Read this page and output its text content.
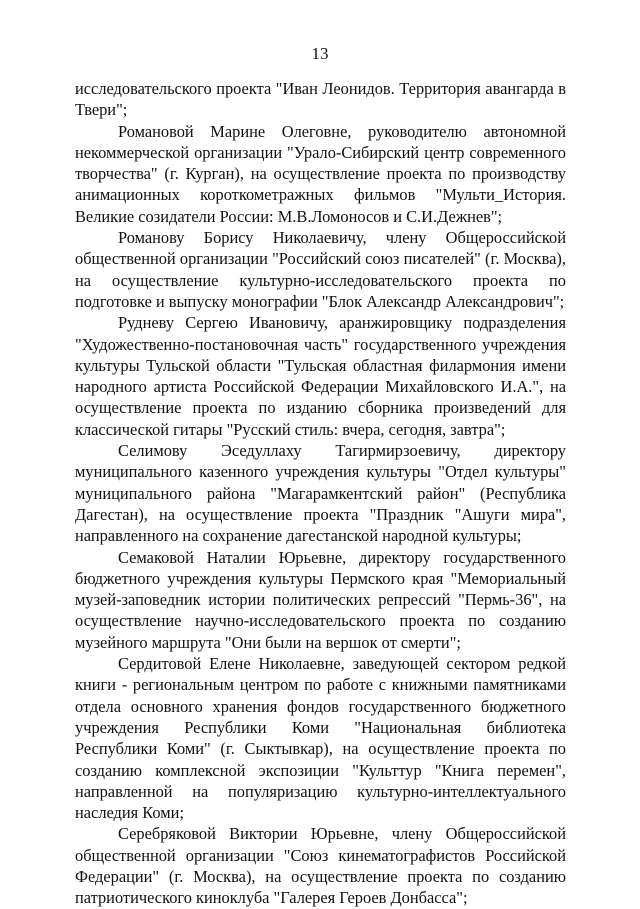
13

исследовательского проекта "Иван Леонидов. Территория авангарда в Твери";

Романовой Марине Олеговне, руководителю автономной некоммерческой организации "Урало-Сибирский центр современного творчества" (г. Курган), на осуществление проекта по производству анимационных короткометражных фильмов "Мульти_История. Великие созидатели России: М.В.Ломоносов и С.И.Дежнев";

Романову Борису Николаевичу, члену Общероссийской общественной организации "Российский союз писателей" (г. Москва), на осуществление культурно-исследовательского проекта по подготовке и выпуску монографии "Блок Александр Александрович";

Рудневу Сергею Ивановичу, аранжировщику подразделения "Художественно-постановочная часть" государственного учреждения культуры Тульской области "Тульская областная филармония имени народного артиста Российской Федерации Михайловского И.А.", на осуществление проекта по изданию сборника произведений для классической гитары "Русский стиль: вчера, сегодня, завтра";

Селимову Эседуллаху Тагирмирзоевичу, директору муниципального казенного учреждения культуры "Отдел культуры" муниципального района "Магарамкентский район" (Республика Дагестан), на осуществление проекта "Праздник "Ашуги мира", направленного на сохранение дагестанской народной культуры;

Семаковой Наталии Юрьевне, директору государственного бюджетного учреждения культуры Пермского края "Мемориальный музей-заповедник истории политических репрессий "Пермь-36", на осуществление научно-исследовательского проекта по созданию музейного маршрута "Они были на вершок от смерти";

Сердитовой Елене Николаевне, заведующей сектором редкой книги - региональным центром по работе с книжными памятниками отдела основного хранения фондов государственного бюджетного учреждения Республики Коми "Национальная библиотека Республики Коми" (г. Сыктывкар), на осуществление проекта по созданию комплексной экспозиции "Культтур "Книга перемен", направленной на популяризацию культурно-интеллектуального наследия Коми;

Серебряковой Виктории Юрьевне, члену Общероссийской общественной организации "Союз кинематографистов Российской Федерации" (г. Москва), на осуществление проекта по созданию патриотического киноклуба "Галерея Героев Донбасса";
